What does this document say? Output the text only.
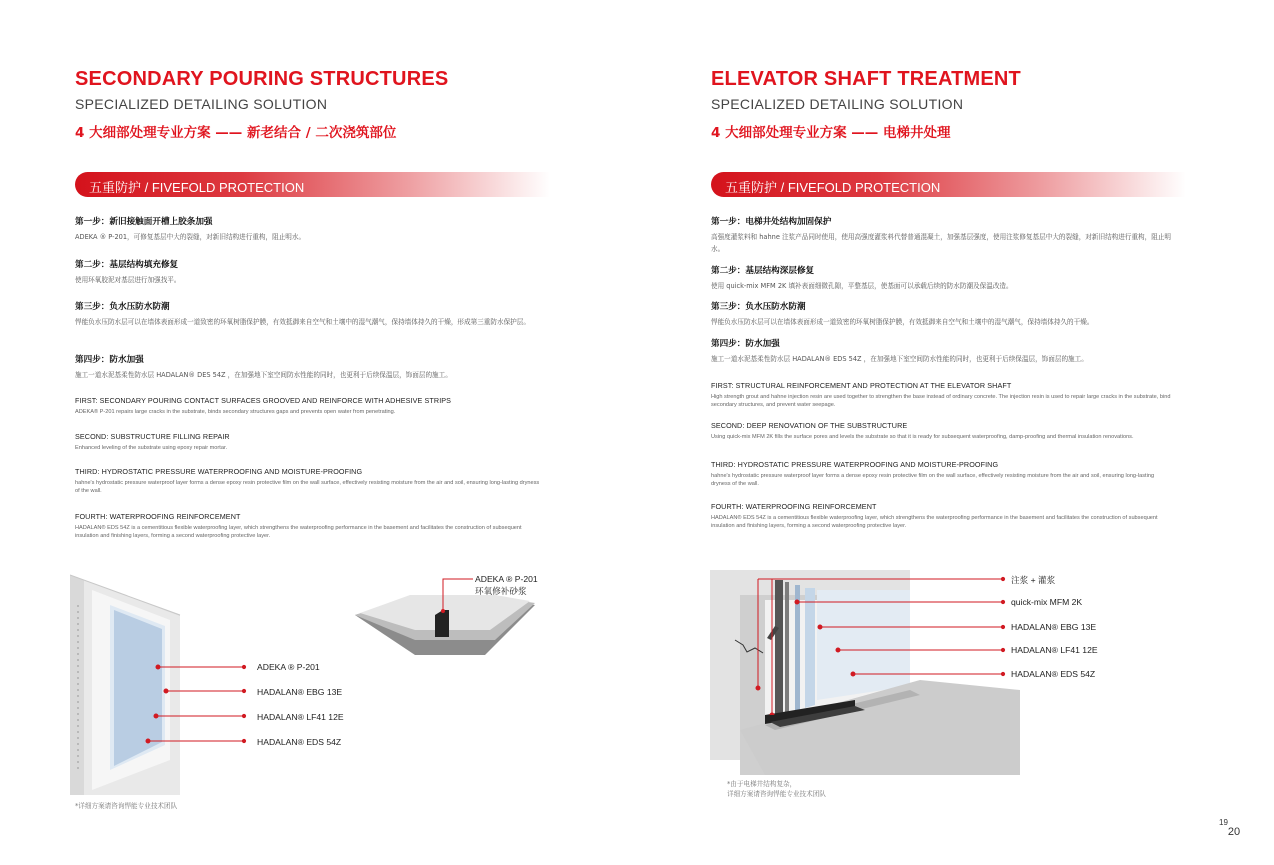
SECONDARY POURING STRUCTURES
SPECIALIZED DETAILING SOLUTION
4 大细部处理专业方案 —— 新老结合 / 二次浇筑部位
五重防护 / FIVEFOLD PROTECTION
第一步：新旧接触面开槽上胶条加强
ADEKA ® P-201，可修复基层中大的裂缝，对新旧结构进行重构，阻止明水。
第二步：基层结构填充修复
使用环氧胶泥对基层进行加强找平。
第三步：负水压防水防潮
悍能负水压防水层可以在墙体表面形成一道致密的环氧树脂保护膜，有效抵御来自空气和土壤中的湿气潮气，保持墙体持久的干燥，形成第三重防水保护层。
第四步：防水加强
施工一道水泥基柔性防水层 HADALAN® DES 54Z ，在加强地下室空间防水性能的同时，也更利于后续保温层，饰面层的施工。
FIRST: SECONDARY POURING CONTACT SURFACES GROOVED AND REINFORCE WITH ADHESIVE STRIPS
ADEKA® P-201 repairs large cracks in the substrate, binds secondary structures gaps and prevents open water from penetrating.
SECOND: SUBSTRUCTURE FILLING REPAIR
Enhanced leveling of the substrate using epoxy repair mortar.
THIRD: HYDROSTATIC PRESSURE WATERPROOFING AND MOISTURE-PROOFING
hahne's hydrostatic pressure waterproof layer forms a dense epoxy resin protective film on the wall surface, effectively resisting moisture from the air and soil, ensuring long-lasting dryness of the wall.
FOURTH: WATERPROOFING REINFORCEMENT
HADALAN® EDS 54Z is a cementitious flexible waterproofing layer, which strengthens the waterproofing performance in the basement and facilitates the construction of subsequent insulation and finishing layers, forming a second waterproofing protective layer.
ADEKA ® P-201
HADALAN® EBG 13E
HADALAN® LF41 12E
HADALAN® EDS 54Z
ADEKA ® P-201
环氧修补砂浆
*详细方案请咨询悍能专业技术团队
ELEVATOR SHAFT TREATMENT
SPECIALIZED DETAILING SOLUTION
4 大细部处理专业方案 —— 电梯井处理
五重防护 / FIVEFOLD PROTECTION
第一步：电梯井处结构加固保护
高强度灌浆料和 hahne 注浆产品同时使用，使用高强度灌浆料代替普通混凝土，加强基层强度，使用注浆修复基层中大的裂缝，对新旧结构进行重构，阻止明水。
第二步：基层结构深层修复
使用 quick-mix MFM 2K 填补表面细微孔隙，平整基层，使基面可以承载后续的防水防潮及保温改造。
第三步：负水压防水防潮
悍能负水压防水层可以在墙体表面形成一道致密的环氧树脂保护膜，有效抵御来自空气和土壤中的湿气潮气，保持墙体持久的干燥。
第四步：防水加强
施工一道水泥基柔性防水层 HADALAN® EDS 54Z ，在加强地下室空间防水性能的同时，也更利于后续保温层，饰面层的施工。
FIRST: STRUCTURAL REINFORCEMENT AND PROTECTION AT THE ELEVATOR SHAFT
High strength grout and hahne injection resin are used together to strengthen the base instead of ordinary concrete. The injection resin is used to repair large cracks in the substrate, bind secondary structures, and prevent water seepage.
SECOND: DEEP RENOVATION OF THE SUBSTRUCTURE
Using quick-mix MFM 2K fills the surface pores and levels the substrate so that it is ready for subsequent waterproofing, damp-proofing and thermal insulation renovations.
THIRD: HYDROSTATIC PRESSURE WATERPROOFING AND MOISTURE-PROOFING
hahne's hydrostatic pressure waterproof layer forms a dense epoxy resin protective film on the wall surface, effectively resisting moisture from the air and soil, ensuring long-lasting dryness of the wall.
FOURTH: WATERPROOFING REINFORCEMENT
HADALAN® EDS 54Z is a cementitious flexible waterproofing layer, which strengthens the waterproofing performance in the basement and facilitates the construction of subsequent insulation and finishing layers, forming a second waterproofing protective layer.
注浆 + 灌浆
quick-mix MFM 2K
HADALAN® EBG 13E
HADALAN® LF41 12E
HADALAN® EDS 54Z
*由于电梯井结构复杂，
详细方案请咨询悍能专业技术团队
$^{19}_{20}$
